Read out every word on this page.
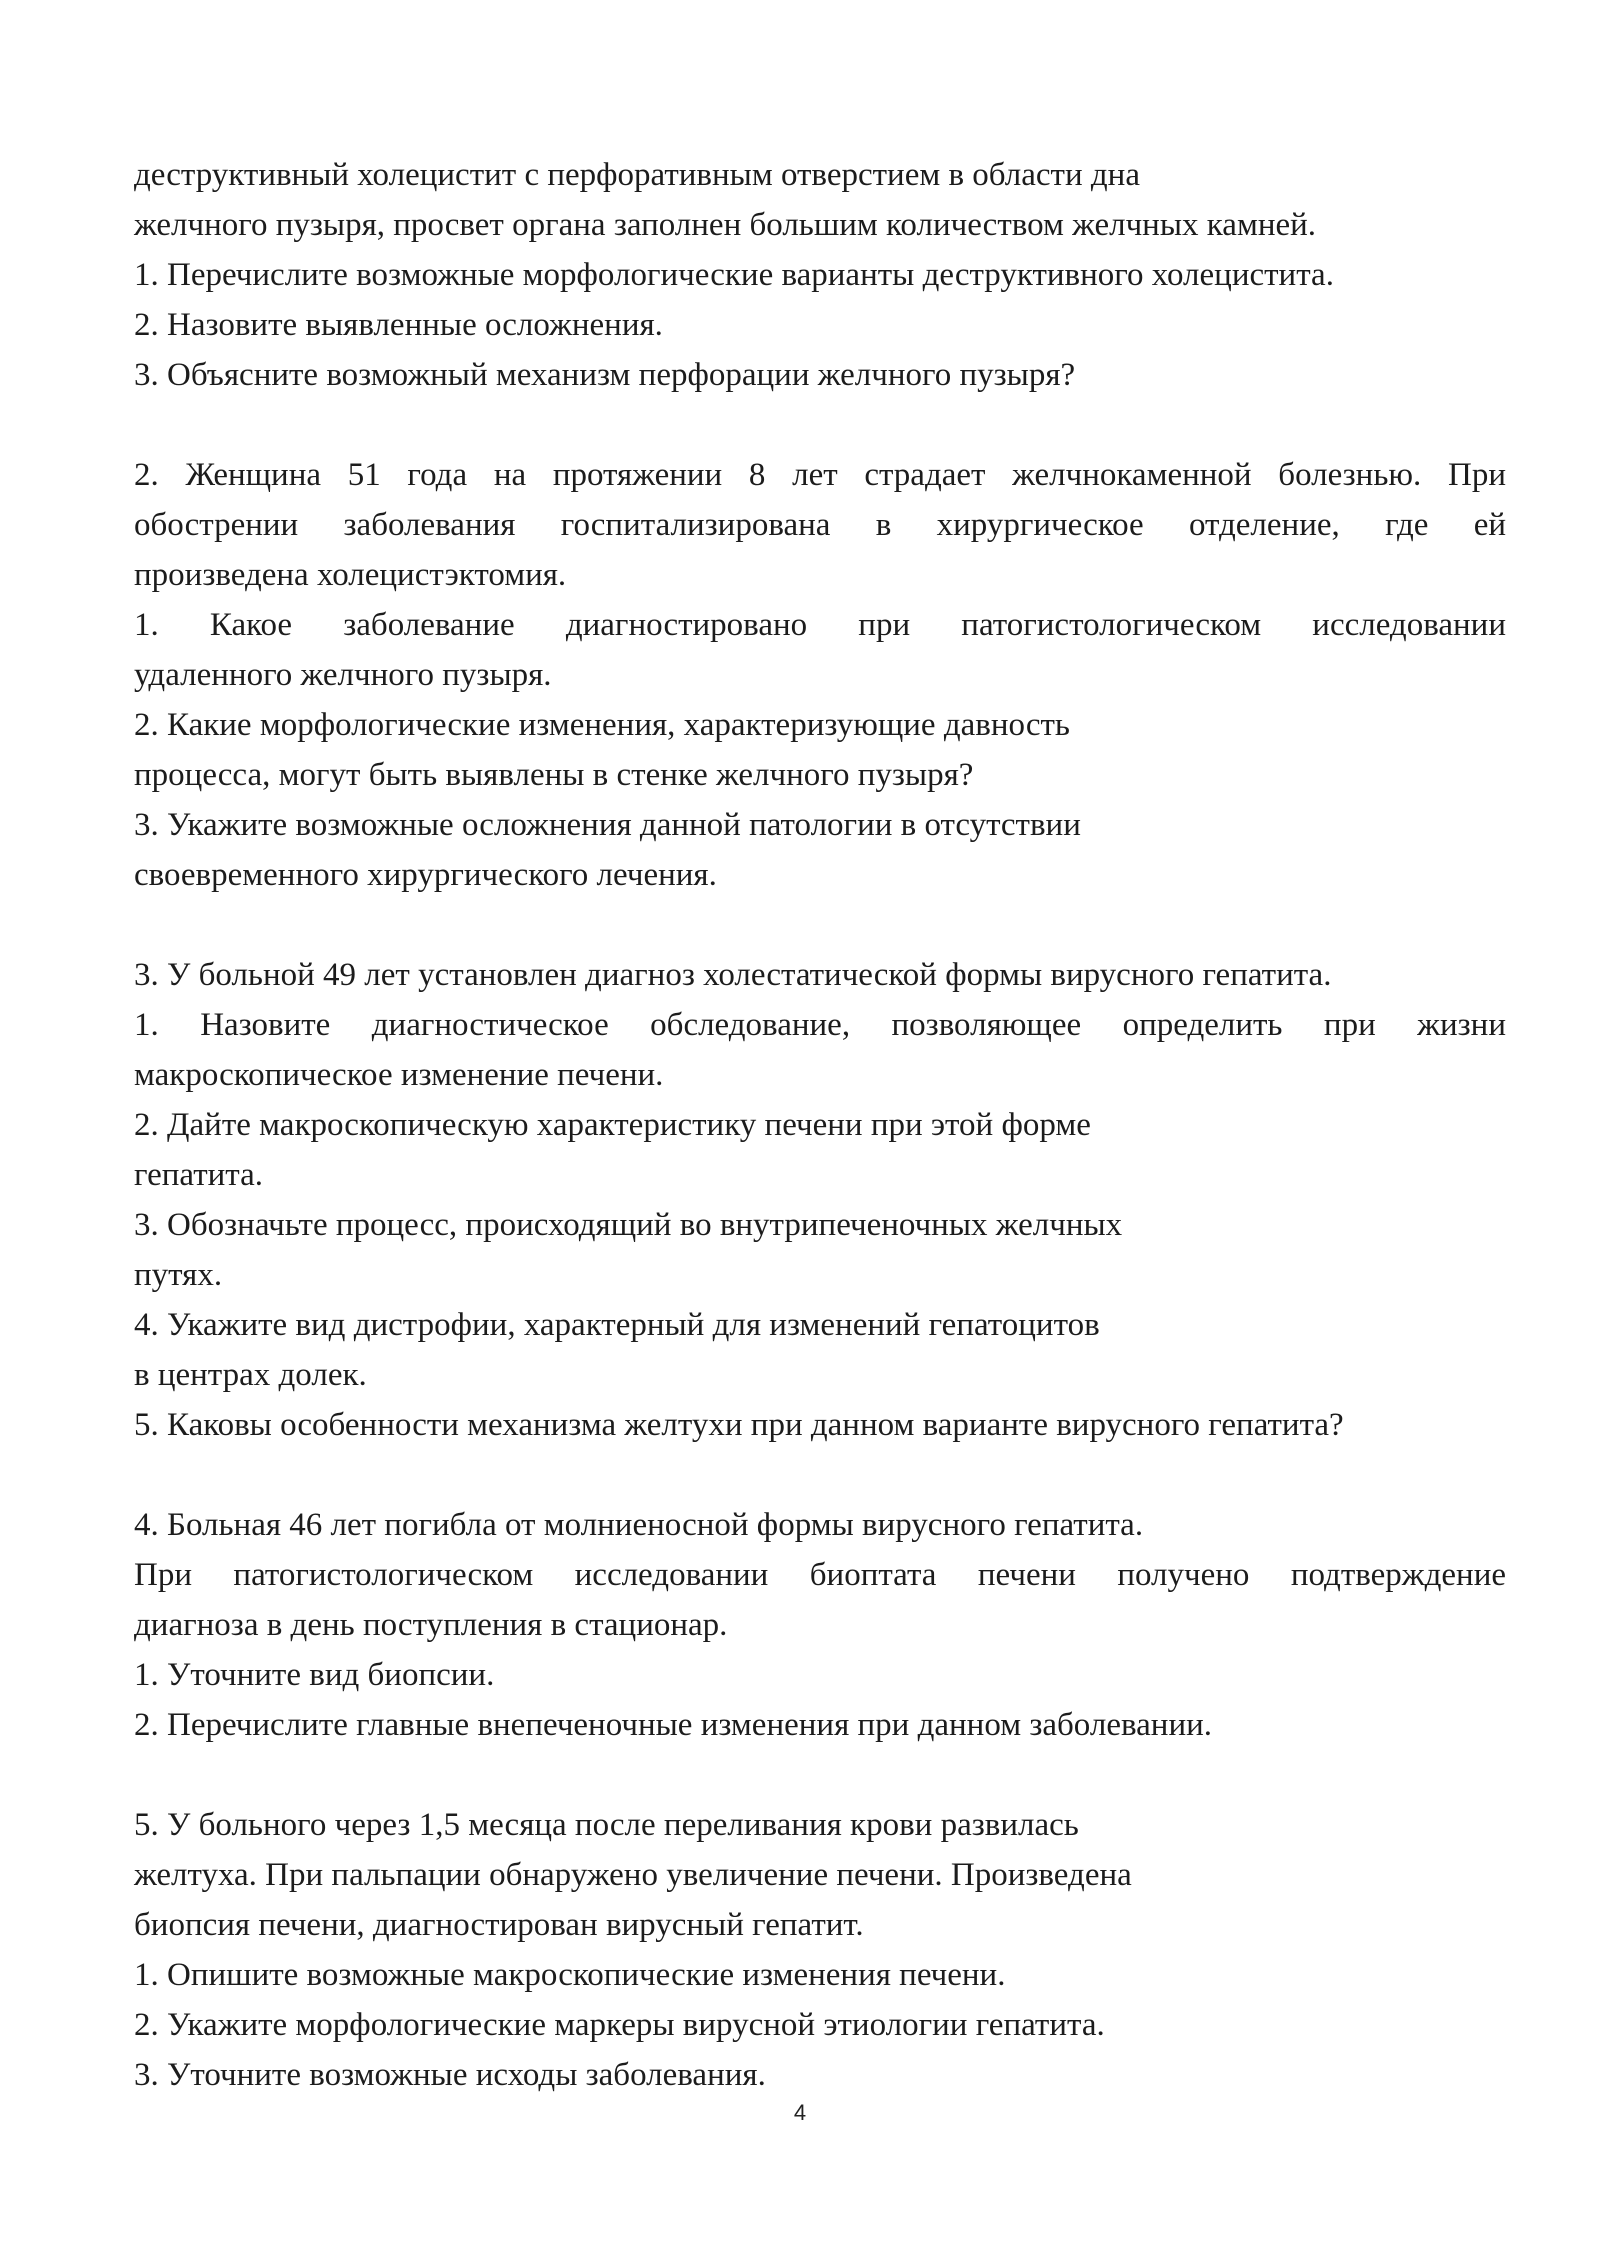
деструктивный холецистит с перфоративным отверстием в области дна
желчного пузыря, просвет органа заполнен большим количеством желчных камней.
1. Перечислите возможные морфологические варианты деструктивного холецистита.
2. Назовите выявленные осложнения.
3. Объясните возможный механизм перфорации желчного пузыря?
2. Женщина 51 года на протяжении 8 лет страдает желчнокаменной болезнью. При
обострении заболевания госпитализирована в хирургическое отделение, где ей
произведена холецистэктомия.
1. Какое заболевание диагностировано при патогистологическом исследовании
удаленного желчного пузыря.
2. Какие морфологические изменения, характеризующие давность
процесса, могут быть выявлены в стенке желчного пузыря?
3. Укажите возможные осложнения данной патологии в отсутствии
своевременного хирургического лечения.
3. У больной 49 лет установлен диагноз холестатической формы вирусного гепатита.
1. Назовите диагностическое обследование, позволяющее определить при жизни
макроскопическое изменение печени.
2. Дайте макроскопическую характеристику печени при этой форме
гепатита.
3. Обозначьте процесс, происходящий во внутрипеченочных желчных
путях.
4. Укажите вид дистрофии, характерный для изменений гепатоцитов
в центрах долек.
5. Каковы особенности механизма желтухи при данном варианте вирусного гепатита?
4. Больная 46 лет погибла от молниеносной формы вирусного гепатита.
При патогистологическом исследовании биоптата печени получено подтверждение
диагноза в день поступления в стационар.
1. Уточните вид биопсии.
2. Перечислите главные внепеченочные изменения при данном заболевании.
5. У больного через 1,5 месяца после переливания крови развилась
желтуха. При пальпации обнаружено увеличение печени. Произведена
биопсия печени, диагностирован вирусный гепатит.
1. Опишите возможные макроскопические изменения печени.
2. Укажите морфологические маркеры вирусной этиологии гепатита.
3. Уточните возможные исходы заболевания.
4
